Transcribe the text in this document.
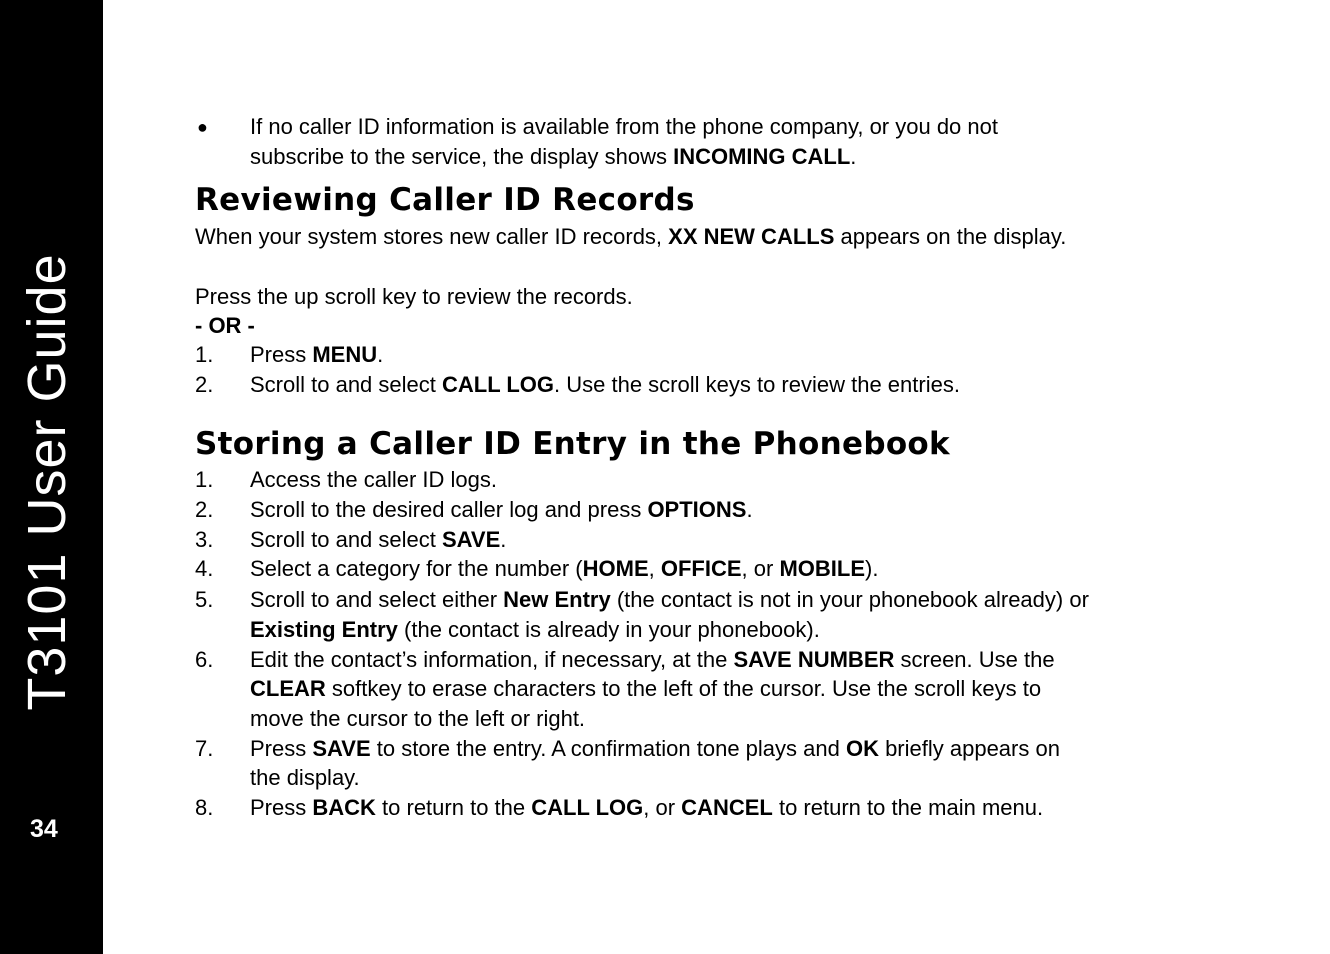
T3101 User Guide
34
● If no caller ID information is available from the phone company, or you do not
subscribe to the service, the display shows INCOMING CALL.
Reviewing Caller ID Records
When your system stores new caller ID records, XX NEW CALLS appears on the display.
Press the up scroll key to review the records.
- OR -
1. Press MENU.
2. Scroll to and select CALL LOG. Use the scroll keys to review the entries.
Storing a Caller ID Entry in the Phonebook
1. Access the caller ID logs.
2. Scroll to the desired caller log and press OPTIONS.
3. Scroll to and select SAVE.
4. Select a category for the number (HOME, OFFICE, or MOBILE).
5. Scroll to and select either New Entry (the contact is not in your phonebook already) or
Existing Entry (the contact is already in your phonebook).
6. Edit the contact’s information, if necessary, at the SAVE NUMBER screen. Use the
CLEAR softkey to erase characters to the left of the cursor. Use the scroll keys to
move the cursor to the left or right.
7. Press SAVE to store the entry. A confirmation tone plays and OK briefly appears on
the display.
8. Press BACK to return to the CALL LOG, or CANCEL to return to the main menu.
